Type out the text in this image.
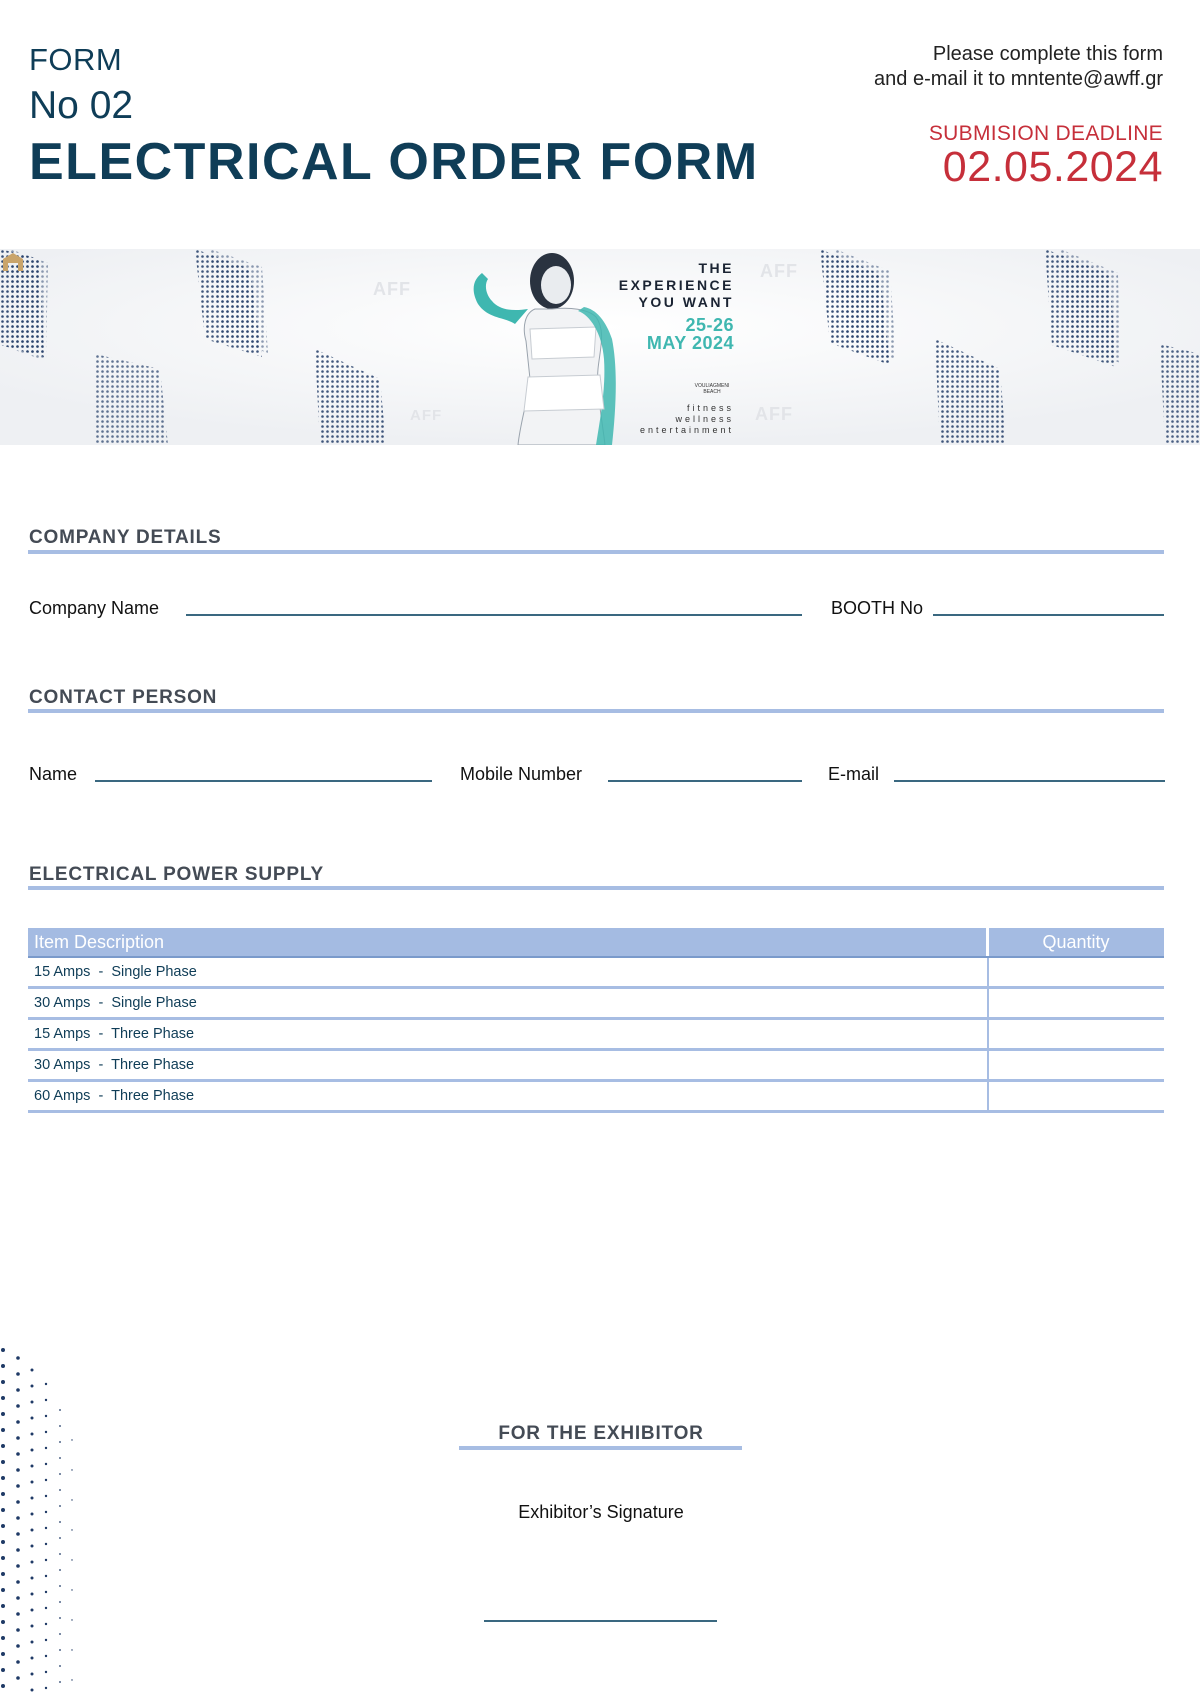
FORM
No 02
ELECTRICAL ORDER FORM
Please complete this form
and e-mail it to mntente@awff.gr
SUBMISION DEADLINE
02.05.2024
AFF
AFF
AFF
AFF
THE
EXPERIENCE
YOU WANT
25-26
MAY 2024
VOULIAGMENI BEACH
fitness
wellness
entertainment
COMPANY DETAILS
Company Name	BOOTH No
CONTACT PERSON
Name	Mobile Number	E-mail
ELECTRICAL POWER SUPPLY
Item Description	Quantity
15 Amps  -  Single Phase
30 Amps  -  Single Phase
15 Amps  -  Three Phase
30 Amps  -  Three Phase
60 Amps  -  Three Phase
FOR THE EXHIBITOR
Exhibitor’s Signature
